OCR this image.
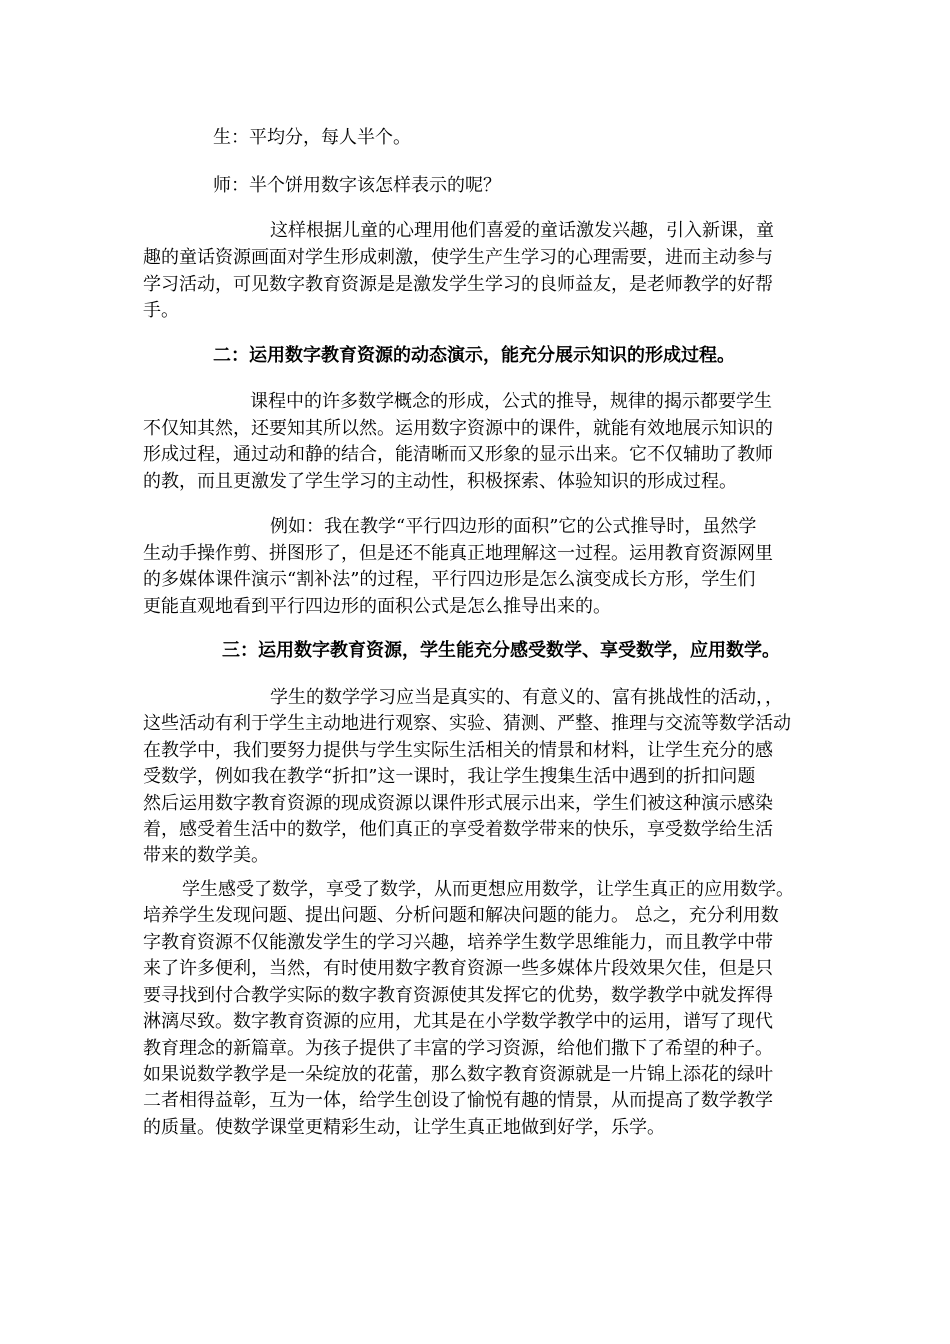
生：平均分，每人半个。
师：半个饼用数字该怎样表示的呢？
这样根据儿童的心理用他们喜爱的童话激发兴趣，引入新课，童
趣的童话资源画面对学生形成刺激，使学生产生学习的心理需要，进而主动参与
学习活动，可见数字教育资源是是激发学生学习的良师益友，是老师教学的好帮
手。
二：运用数字教育资源的动态演示，能充分展示知识的形成过程。
课程中的许多数学概念的形成，公式的推导，规律的揭示都要学生
不仅知其然，还要知其所以然。运用数字资源中的课件，就能有效地展示知识的
形成过程，通过动和静的结合，能清晰而又形象的显示出来。它不仅辅助了教师
的教，而且更激发了学生学习的主动性，积极探索、体验知识的形成过程。
例如：我在教学“平行四边形的面积”它的公式推导时，虽然学
生动手操作剪、拼图形了，但是还不能真正地理解这一过程。运用教育资源网里
的多媒体课件演示“割补法”的过程，平行四边形是怎么演变成长方形，学生们
更能直观地看到平行四边形的面积公式是怎么推导出来的。
三：运用数字教育资源，学生能充分感受数学、享受数学，应用数学。
学生的数学学习应当是真实的、有意义的、富有挑战性的活动，，
这些活动有利于学生主动地进行观察、实验、猜测、严整、推理与交流等数学活动
在教学中，我们要努力提供与学生实际生活相关的情景和材料，让学生充分的感
受数学，例如我在教学“折扣”这一课时，我让学生搜集生活中遇到的折扣问题
然后运用数字教育资源的现成资源以课件形式展示出来，学生们被这种演示感染
着，感受着生活中的数学，他们真正的享受着数学带来的快乐，享受数学给生活
带来的数学美。
学生感受了数学，享受了数学，从而更想应用数学，让学生真正的应用数学。
培养学生发现问题、提出问题、分析问题和解决问题的能力。 总之，充分利用数
字教育资源不仅能激发学生的学习兴趣，培养学生数学思维能力，而且教学中带
来了许多便利，当然，有时使用数字教育资源一些多媒体片段效果欠佳，但是只
要寻找到付合教学实际的数字教育资源使其发挥它的优势，数学教学中就发挥得
淋漓尽致。数字教育资源的应用，尤其是在小学数学教学中的运用，谱写了现代
教育理念的新篇章。为孩子提供了丰富的学习资源，给他们撒下了希望的种子。
如果说数学教学是一朵绽放的花蕾，那么数字教育资源就是一片锦上添花的绿叶
二者相得益彰，互为一体，给学生创设了愉悦有趣的情景，从而提高了数学教学
的质量。使数学课堂更精彩生动，让学生真正地做到好学，乐学。
